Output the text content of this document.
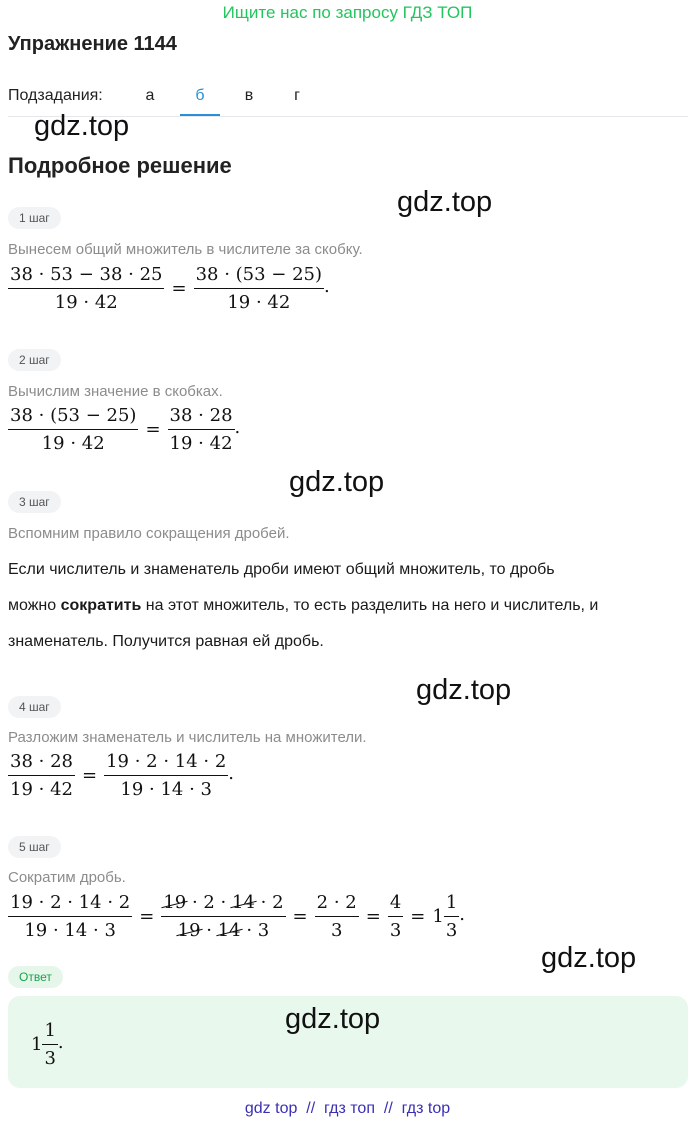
Ищите нас по запросу ГДЗ ТОП
Упражнение 1144
Подзадания:	а	б	в	г
gdz.top
gdz.top
gdz.top
gdz.top
gdz.top
Подробное решение
1 шаг
Вынесем общий множитель в числителе за скобку.
$\frac{38 \cdot 53 - 38 \cdot 25}{19 \cdot 42} = \frac{38 \cdot (53 - 25)}{19 \cdot 42}$ .
2 шаг
Вычислим значение в скобках.
$\frac{38 \cdot (53 - 25)}{19 \cdot 42} = \frac{38 \cdot 28}{19 \cdot 42}$ .
3 шаг
Вспомним правило сокращения дробей.
Если числитель и знаменатель дроби имеют общий множитель, то дробь
можно сократить на этот множитель, то есть разделить на него и числитель, и
знаменатель. Получится равная ей дробь.
4 шаг
Разложим знаменатель и числитель на множители.
$\frac{38 \cdot 28}{19 \cdot 42} = \frac{19 \cdot 2 \cdot 14 \cdot 2}{19 \cdot 14 \cdot 3}$ .
5 шаг
Сократим дробь.
$\frac{19 \cdot 2 \cdot 14 \cdot 2}{19 \cdot 14 \cdot 3} = \frac{19 \cdot 2 \cdot 14 \cdot 2}{19 \cdot 14 \cdot 3} = \frac{2 \cdot 2}{3} = \frac{4}{3} = 1 \frac{1}{3}$ .
Ответ
$1 \frac{1}{3}$ .
gdz.top
gdz top  //  гдз топ  //  гдз top
